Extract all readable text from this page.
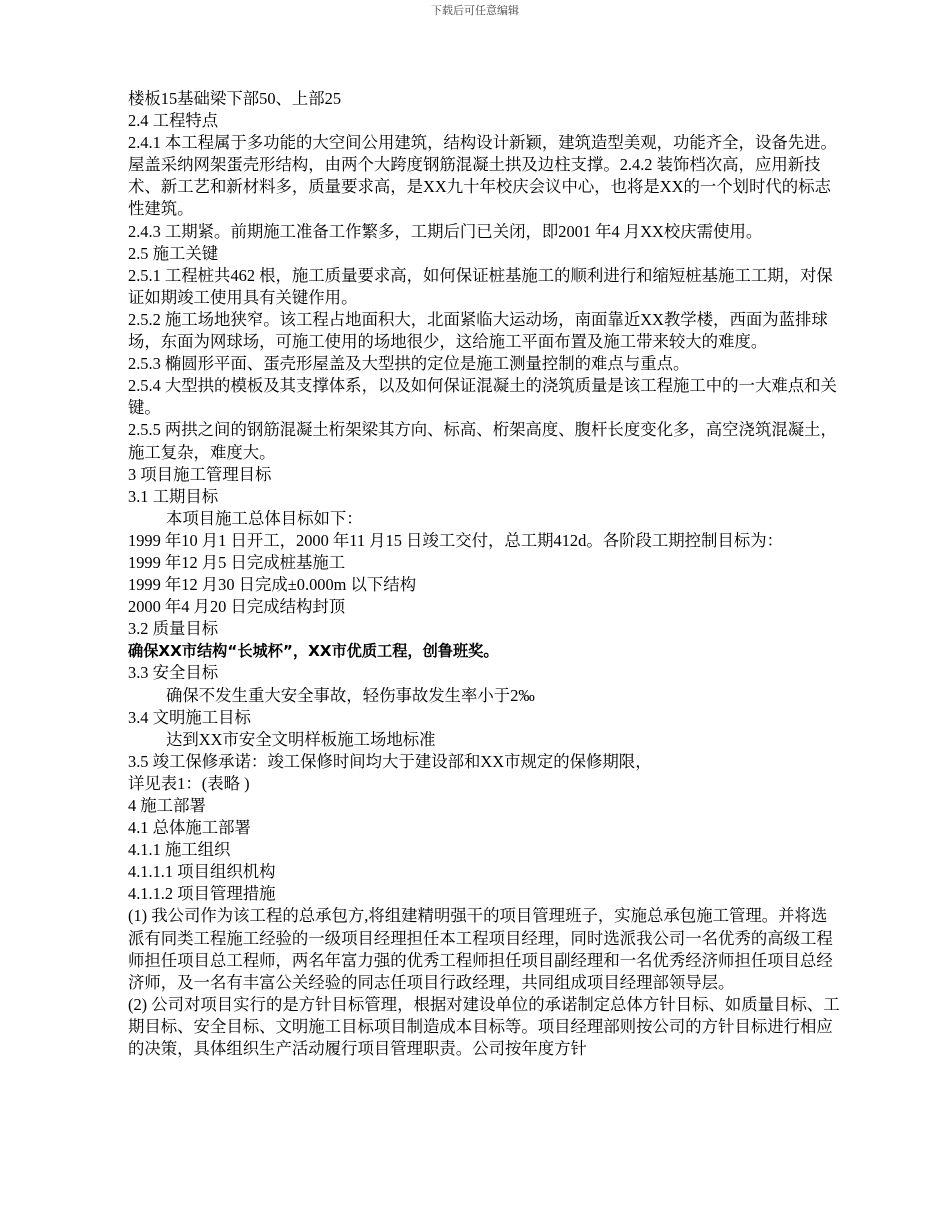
下载后可任意编辑

楼板15基础梁下部50、上部25

2.4 工程特点

2.4.1 本工程属于多功能的大空间公用建筑，结构设计新颖，建筑造型美观，功能齐全，设备先进。屋盖采纳网架蛋壳形结构，由两个大跨度钢筋混凝土拱及边柱支撑。2.4.2 装饰档次高，应用新技术、新工艺和新材料多，质量要求高，是XX九十年校庆会议中心，也将是XX的一个划时代的标志性建筑。

2.4.3 工期紧。前期施工准备工作繁多，工期后门已关闭，即2001 年4 月XX校庆需使用。

2.5 施工关键

2.5.1 工程桩共462 根，施工质量要求高，如何保证桩基施工的顺利进行和缩短桩基施工工期，对保证如期竣工使用具有关键作用。

2.5.2 施工场地狭窄。该工程占地面积大，北面紧临大运动场，南面靠近XX教学楼，西面为蓝排球场，东面为网球场，可施工使用的场地很少，这给施工平面布置及施工带来较大的难度。

2.5.3 椭圆形平面、蛋壳形屋盖及大型拱的定位是施工测量控制的难点与重点。

2.5.4 大型拱的模板及其支撑体系，以及如何保证混凝土的浇筑质量是该工程施工中的一大难点和关键。

2.5.5 两拱之间的钢筋混凝土桁架梁其方向、标高、桁架高度、腹杆长度变化多，高空浇筑混凝土，施工复杂，难度大。

3 项目施工管理目标

3.1 工期目标

本项目施工总体目标如下：

1999 年10 月1 日开工，2000 年11 月15 日竣工交付，总工期412d。各阶段工期控制目标为：

1999 年12 月5 日完成桩基施工

1999 年12 月30 日完成±0.000m 以下结构

2000 年4 月20 日完成结构封顶

3.2 质量目标

确保XX市结构“长城杯”，XX市优质工程，创鲁班奖。

3.3 安全目标

确保不发生重大安全事故，轻伤事故发生率小于2‰

3.4 文明施工目标

达到XX市安全文明样板施工场地标准

3.5 竣工保修承诺：竣工保修时间均大于建设部和XX市规定的保修期限，

详见表1：(表略 )

4 施工部署

4.1 总体施工部署

4.1.1 施工组织

4.1.1.1 项目组织机构

4.1.1.2 项目管理措施

(1) 我公司作为该工程的总承包方,将组建精明强干的项目管理班子，实施总承包施工管理。并将选派有同类工程施工经验的一级项目经理担任本工程项目经理，同时选派我公司一名优秀的高级工程师担任项目总工程师，两名年富力强的优秀工程师担任项目副经理和一名优秀经济师担任项目总经济师，及一名有丰富公关经验的同志任项目行政经理，共同组成项目经理部领导层。

(2) 公司对项目实行的是方针目标管理，根据对建设单位的承诺制定总体方针目标、如质量目标、工期目标、安全目标、文明施工目标项目制造成本目标等。项目经理部则按公司的方针目标进行相应的决策，具体组织生产活动履行项目管理职责。公司按年度方针
